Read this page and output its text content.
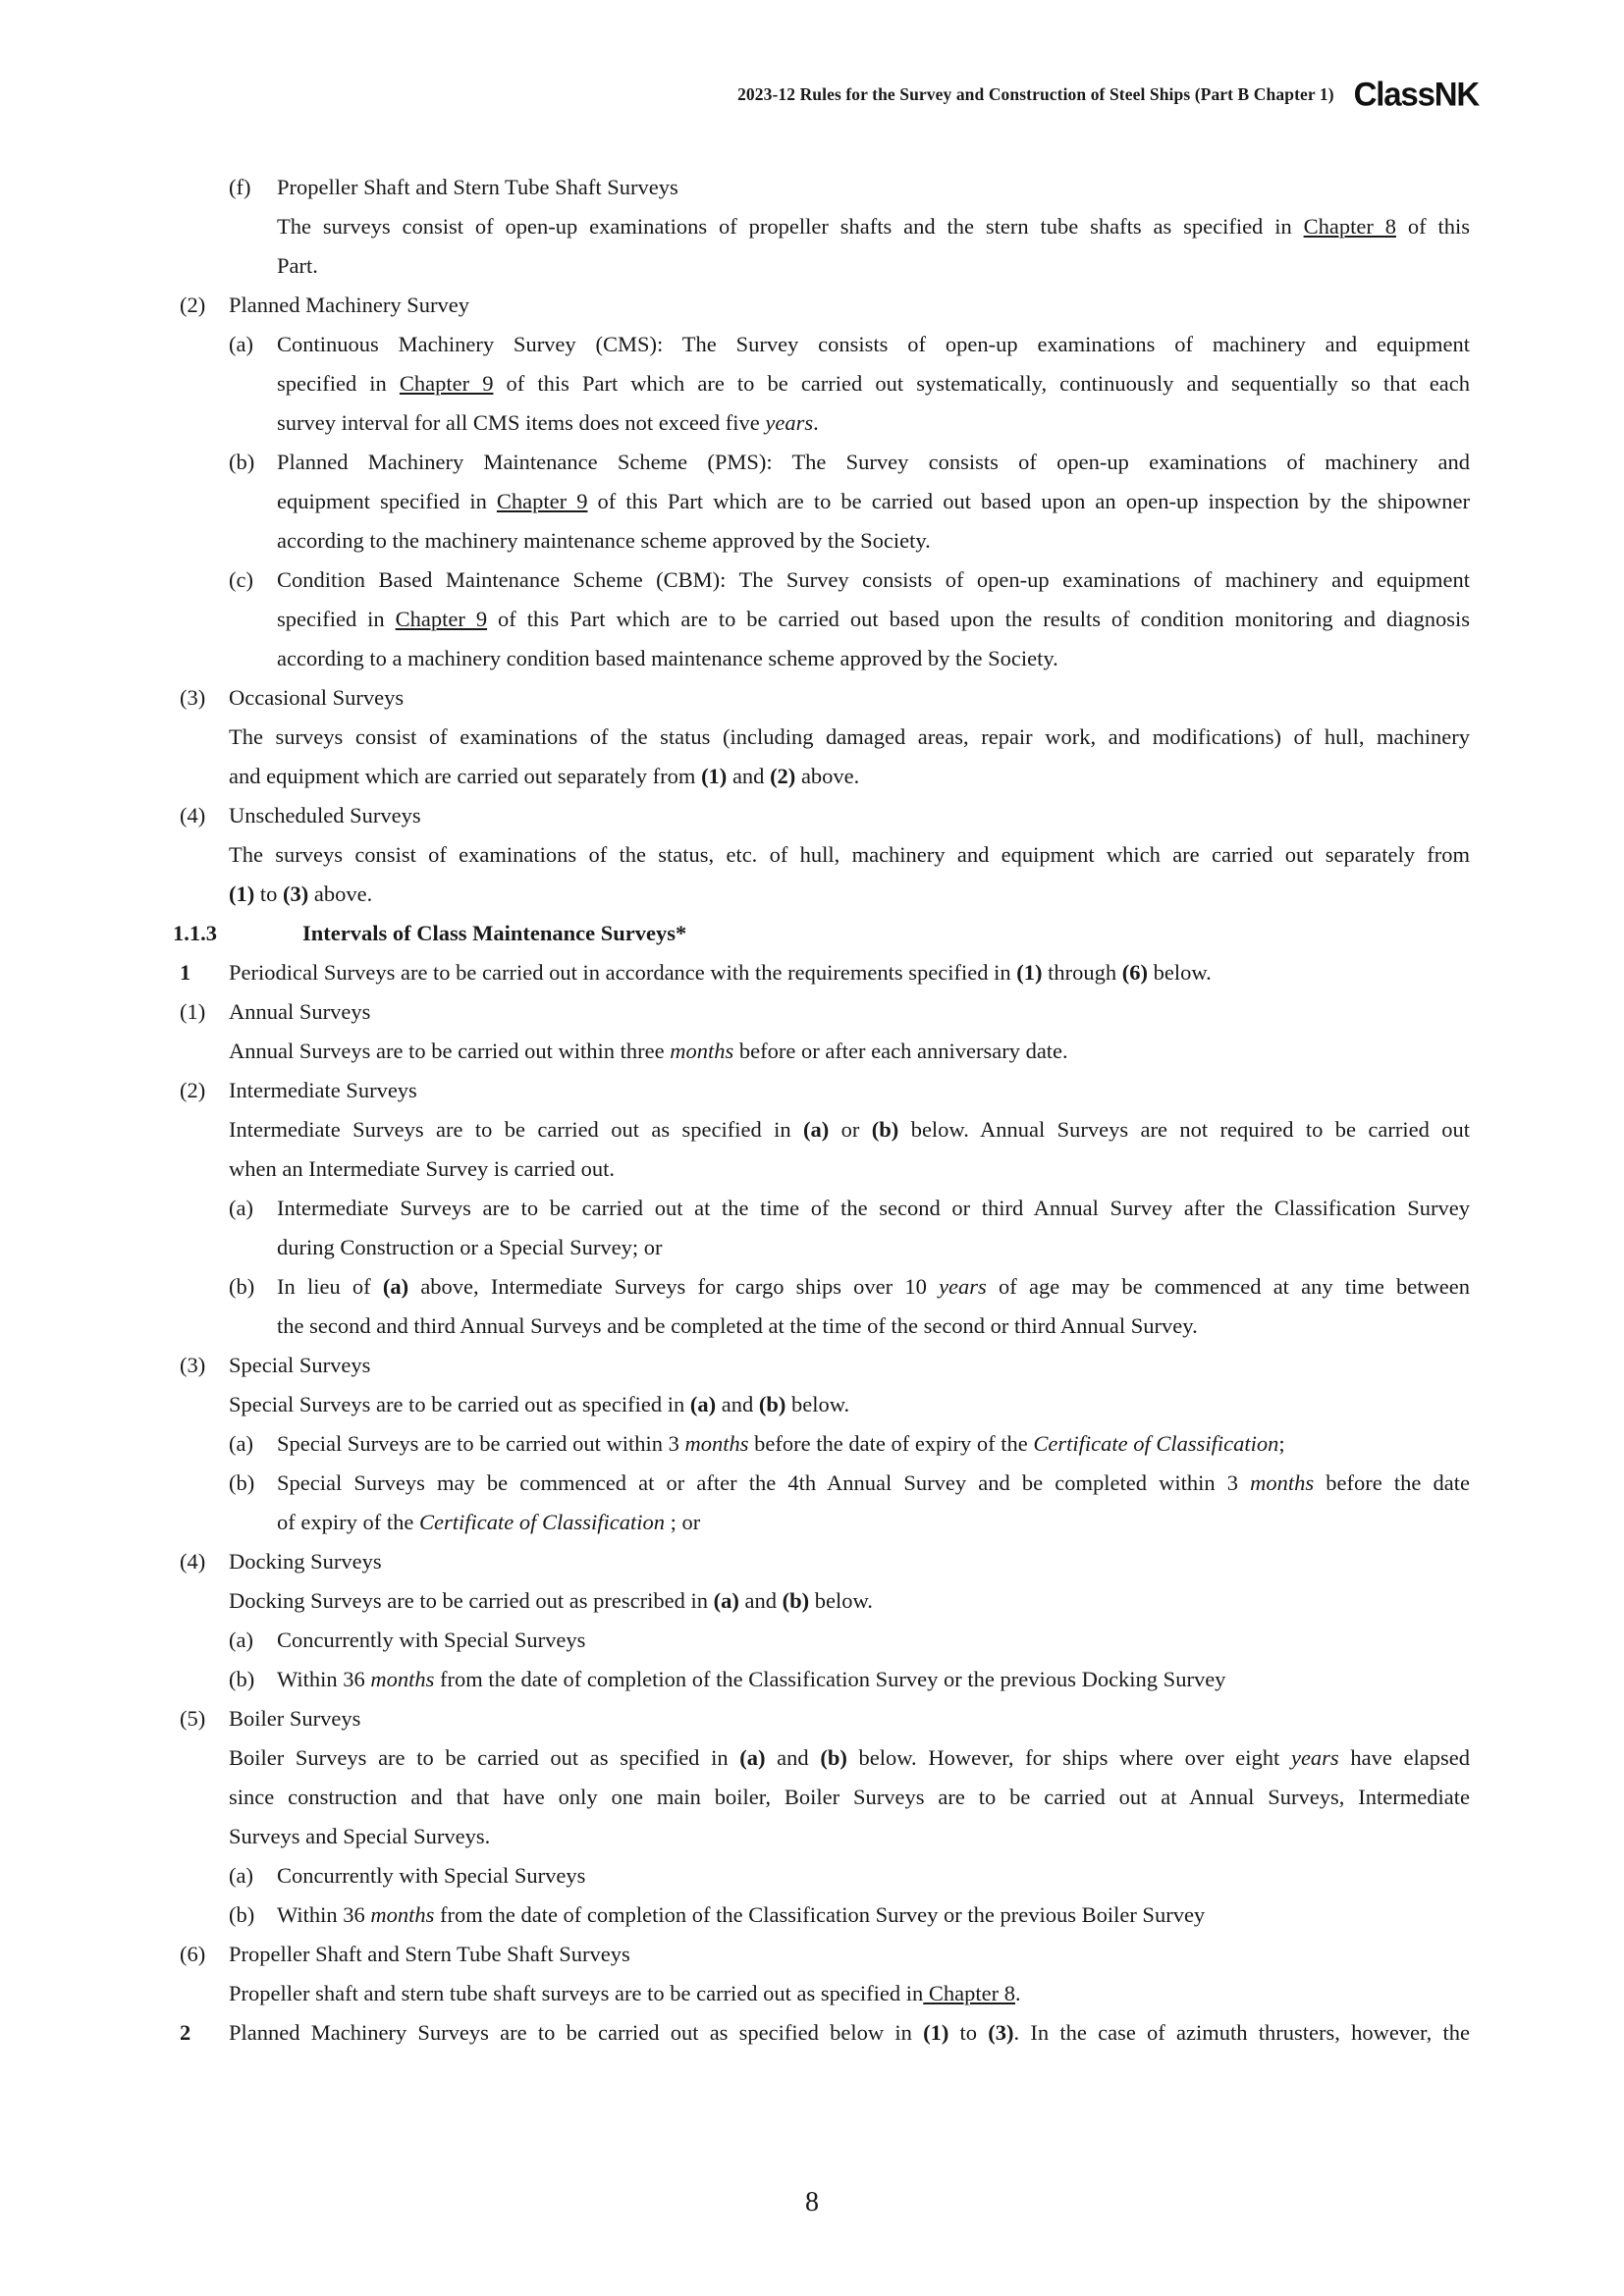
2023-12 Rules for the Survey and Construction of Steel Ships (Part B Chapter 1) ClassNK
(f) Propeller Shaft and Stern Tube Shaft Surveys
The surveys consist of open-up examinations of propeller shafts and the stern tube shafts as specified in Chapter 8 of this
Part.
(2) Planned Machinery Survey
(a) Continuous Machinery Survey (CMS): The Survey consists of open-up examinations of machinery and equipment
specified in Chapter 9 of this Part which are to be carried out systematically, continuously and sequentially so that each
survey interval for all CMS items does not exceed five years.
(b) Planned Machinery Maintenance Scheme (PMS): The Survey consists of open-up examinations of machinery and
equipment specified in Chapter 9 of this Part which are to be carried out based upon an open-up inspection by the shipowner
according to the machinery maintenance scheme approved by the Society.
(c) Condition Based Maintenance Scheme (CBM): The Survey consists of open-up examinations of machinery and equipment
specified in Chapter 9 of this Part which are to be carried out based upon the results of condition monitoring and diagnosis
according to a machinery condition based maintenance scheme approved by the Society.
(3) Occasional Surveys
The surveys consist of examinations of the status (including damaged areas, repair work, and modifications) of hull, machinery
and equipment which are carried out separately from (1) and (2) above.
(4) Unscheduled Surveys
The surveys consist of examinations of the status, etc. of hull, machinery and equipment which are carried out separately from
(1) to (3) above.
1.1.3	Intervals of Class Maintenance Surveys*
1 Periodical Surveys are to be carried out in accordance with the requirements specified in (1) through (6) below.
(1) Annual Surveys
Annual Surveys are to be carried out within three months before or after each anniversary date.
(2) Intermediate Surveys
Intermediate Surveys are to be carried out as specified in (a) or (b) below. Annual Surveys are not required to be carried out
when an Intermediate Survey is carried out.
(a) Intermediate Surveys are to be carried out at the time of the second or third Annual Survey after the Classification Survey
during Construction or a Special Survey; or
(b) In lieu of (a) above, Intermediate Surveys for cargo ships over 10 years of age may be commenced at any time between
the second and third Annual Surveys and be completed at the time of the second or third Annual Survey.
(3) Special Surveys
Special Surveys are to be carried out as specified in (a) and (b) below.
(a) Special Surveys are to be carried out within 3 months before the date of expiry of the Certificate of Classification;
(b) Special Surveys may be commenced at or after the 4th Annual Survey and be completed within 3 months before the date
of expiry of the Certificate of Classification ; or
(4) Docking Surveys
Docking Surveys are to be carried out as prescribed in (a) and (b) below.
(a) Concurrently with Special Surveys
(b) Within 36 months from the date of completion of the Classification Survey or the previous Docking Survey
(5) Boiler Surveys
Boiler Surveys are to be carried out as specified in (a) and (b) below. However, for ships where over eight years have elapsed
since construction and that have only one main boiler, Boiler Surveys are to be carried out at Annual Surveys, Intermediate
Surveys and Special Surveys.
(a) Concurrently with Special Surveys
(b) Within 36 months from the date of completion of the Classification Survey or the previous Boiler Survey
(6) Propeller Shaft and Stern Tube Shaft Surveys
Propeller shaft and stern tube shaft surveys are to be carried out as specified in Chapter 8.
2 Planned Machinery Surveys are to be carried out as specified below in (1) to (3). In the case of azimuth thrusters, however, the
8
